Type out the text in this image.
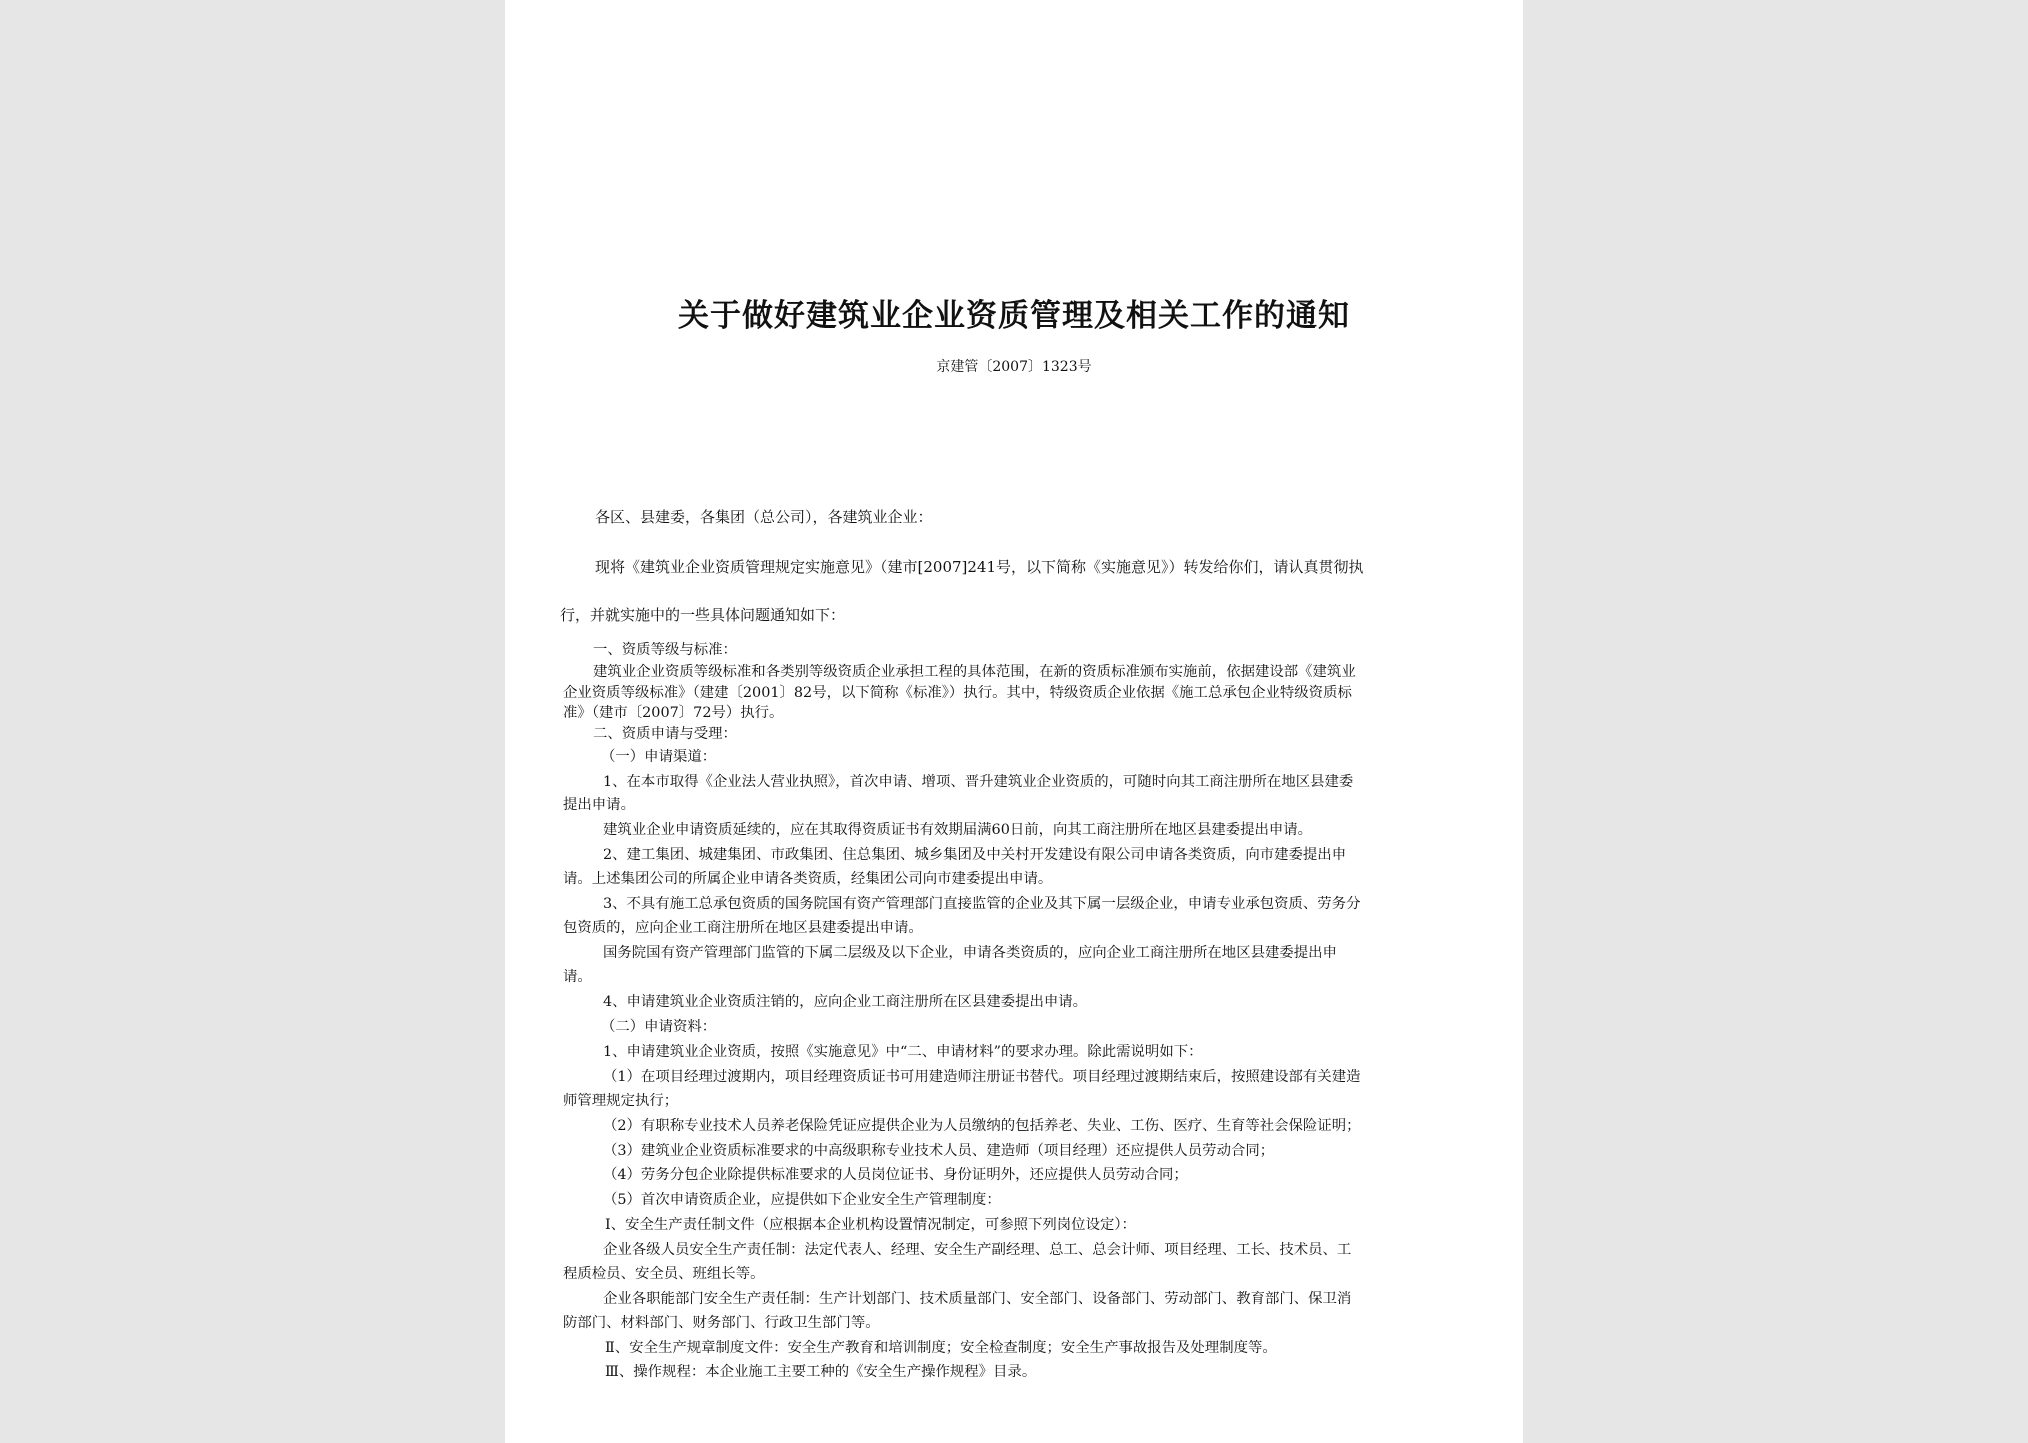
关于做好建筑业企业资质管理及相关工作的通知

京建管〔2007〕1323号

各区、县建委，各集团（总公司），各建筑业企业：

现将《建筑业企业资质管理规定实施意见》（建市[2007]241号，以下简称《实施意见》）转发给你们，请认真贯彻执

行，并就实施中的一些具体问题通知如下：

一、资质等级与标准：

建筑业企业资质等级标准和各类别等级资质企业承担工程的具体范围，在新的资质标准颁布实施前，依据建设部《建筑业

企业资质等级标准》（建建〔2001〕82号，以下简称《标准》）执行。其中，特级资质企业依据《施工总承包企业特级资质标

准》（建市〔2007〕72号）执行。

二、资质申请与受理：

（一）申请渠道：

1、在本市取得《企业法人营业执照》，首次申请、增项、晋升建筑业企业资质的，可随时向其工商注册所在地区县建委

提出申请。

建筑业企业申请资质延续的，应在其取得资质证书有效期届满60日前，向其工商注册所在地区县建委提出申请。

2、建工集团、城建集团、市政集团、住总集团、城乡集团及中关村开发建设有限公司申请各类资质，向市建委提出申

请。上述集团公司的所属企业申请各类资质，经集团公司向市建委提出申请。

3、不具有施工总承包资质的国务院国有资产管理部门直接监管的企业及其下属一层级企业，申请专业承包资质、劳务分

包资质的，应向企业工商注册所在地区县建委提出申请。

国务院国有资产管理部门监管的下属二层级及以下企业，申请各类资质的，应向企业工商注册所在地区县建委提出申

请。

4、申请建筑业企业资质注销的，应向企业工商注册所在区县建委提出申请。

（二）申请资料：

1、申请建筑业企业资质，按照《实施意见》中“二、申请材料”的要求办理。除此需说明如下：

（1）在项目经理过渡期内，项目经理资质证书可用建造师注册证书替代。项目经理过渡期结束后，按照建设部有关建造

师管理规定执行；

（2）有职称专业技术人员养老保险凭证应提供企业为人员缴纳的包括养老、失业、工伤、医疗、生育等社会保险证明；

（3）建筑业企业资质标准要求的中高级职称专业技术人员、建造师（项目经理）还应提供人员劳动合同；

（4）劳务分包企业除提供标准要求的人员岗位证书、身份证明外，还应提供人员劳动合同；

（5）首次申请资质企业，应提供如下企业安全生产管理制度：

Ⅰ、安全生产责任制文件（应根据本企业机构设置情况制定，可参照下列岗位设定）：

企业各级人员安全生产责任制：法定代表人、经理、安全生产副经理、总工、总会计师、项目经理、工长、技术员、工

程质检员、安全员、班组长等。

企业各职能部门安全生产责任制：生产计划部门、技术质量部门、安全部门、设备部门、劳动部门、教育部门、保卫消

防部门、材料部门、财务部门、行政卫生部门等。

Ⅱ、安全生产规章制度文件：安全生产教育和培训制度；安全检查制度；安全生产事故报告及处理制度等。

Ⅲ、操作规程：本企业施工主要工种的《安全生产操作规程》目录。
